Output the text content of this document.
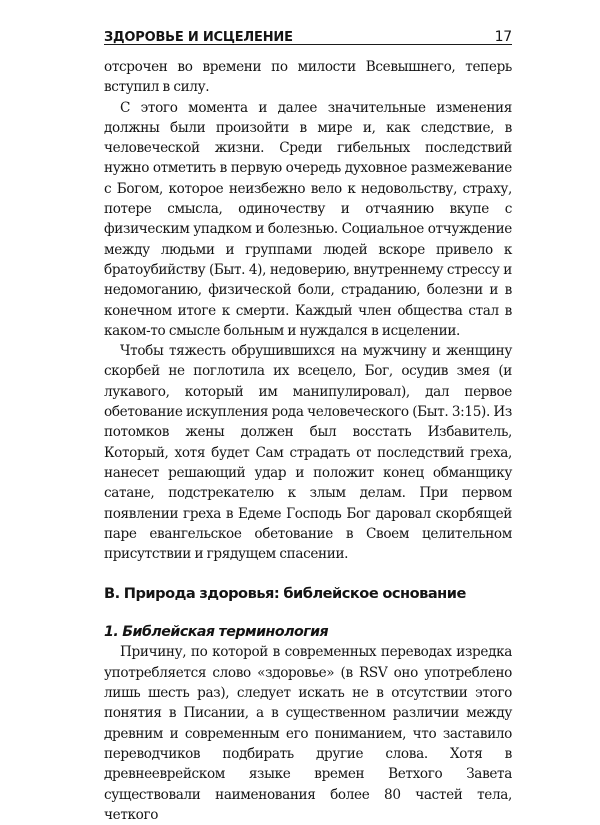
ЗДОРОВЬЕ И ИСЦЕЛЕНИЕ	17

отсрочен во времени по милости Всевышнего, теперь вступил в силу.

С этого момента и далее значительные изменения должны были произойти в мире и, как следствие, в человеческой жизни. Среди гибельных последствий нужно отметить в первую очередь духовное размежевание с Богом, которое неизбежно вело к недовольству, страху, потере смысла, одиночеству и отчаянию вкупе с физическим упадком и болезнью. Социальное отчуждение между людьми и группами людей вскоре привело к братоубийству (Быт. 4), недоверию, внутреннему стрессу и недомоганию, физической боли, страданию, болезни и в конечном итоге к смерти. Каждый член общества стал в каком-то смысле больным и нуждался в исцелении.

Чтобы тяжесть обрушившихся на мужчину и женщину скорбей не поглотила их всецело, Бог, осудив змея (и лукавого, который им манипулировал), дал первое обетование искупления рода человеческого (Быт. 3:15). Из потомков жены должен был восстать Избавитель, Который, хотя будет Сам страдать от последствий греха, нанесет решающий удар и положит конец обманщику сатане, подстрекателю к злым делам. При первом появлении греха в Едеме Господь Бог даровал скорбящей паре евангельское обетование в Своем целительном присутствии и грядущем спасении.

B. Природа здоровья: библейское основание
1. Библейская терминология

Причину, по которой в современных переводах изредка употребляется слово «здоровье» (в RSV оно употреблено лишь шесть раз), следует искать не в отсутствии этого понятия в Писании, а в существенном различии между древним и современным его пониманием, что заставило переводчиков подбирать другие слова. Хотя в древнееврейском языке времен Ветхого Завета существовали наименования более 80 частей тела, четкого
